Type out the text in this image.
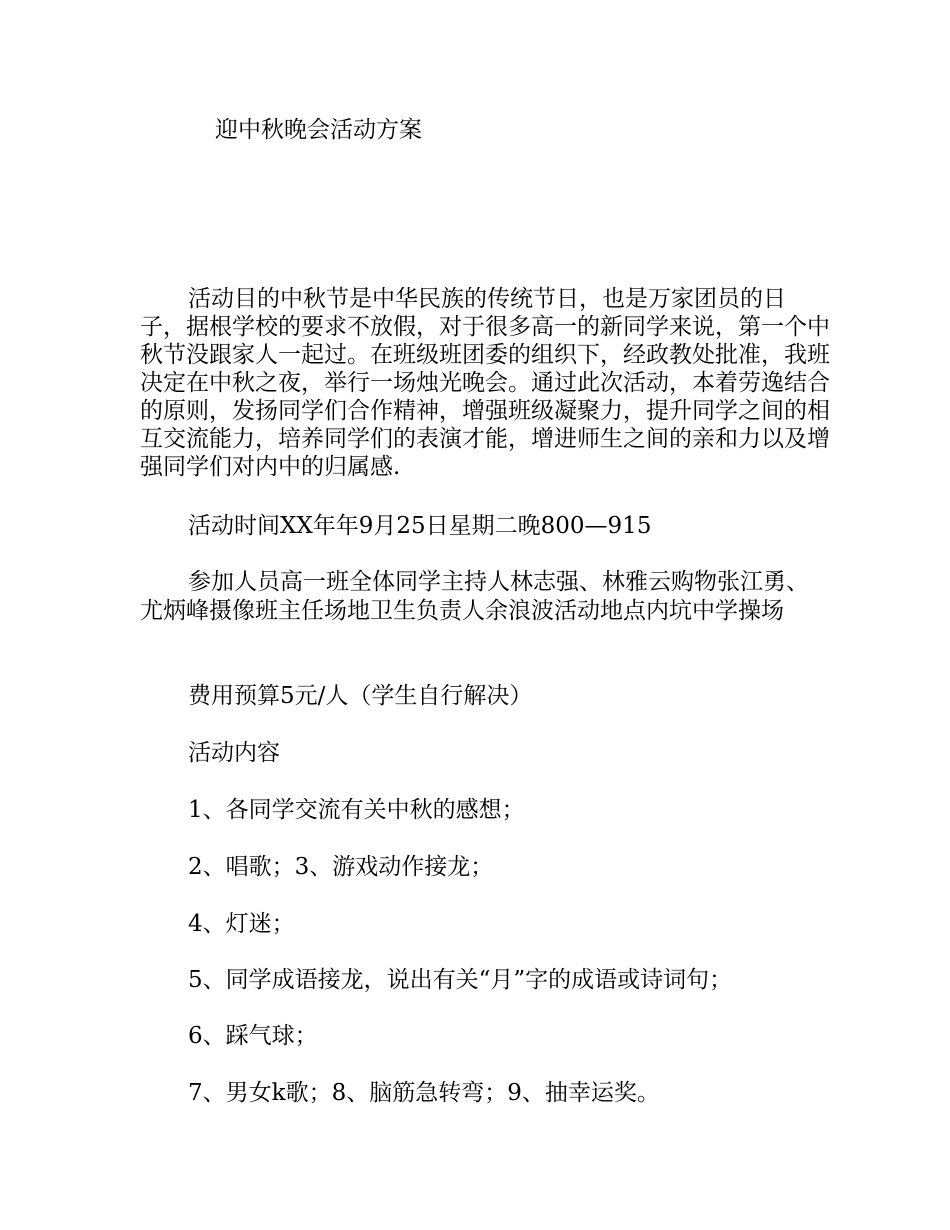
迎中秋晚会活动方案

活动目的中秋节是中华民族的传统节日，也是万家团员的日子，据根学校的要求不放假，对于很多高一的新同学来说，第一个中秋节没跟家人一起过。在班级班团委的组织下，经政教处批准，我班决定在中秋之夜，举行一场烛光晚会。通过此次活动，本着劳逸结合的原则，发扬同学们合作精神，增强班级凝聚力，提升同学之间的相互交流能力，培养同学们的表演才能，增进师生之间的亲和力以及增强同学们对内中的归属感.

活动时间XX年年9月25日星期二晚800—915

参加人员高一班全体同学主持人林志强、林雅云购物张江勇、尤炳峰摄像班主任场地卫生负责人余浪波活动地点内坑中学操场

费用预算5元/人（学生自行解决）

活动内容

1、各同学交流有关中秋的感想；

2、唱歌；3、游戏动作接龙；

4、灯迷；

5、同学成语接龙，说出有关“月”字的成语或诗词句；

6、踩气球；

7、男女k歌；8、脑筋急转弯；9、抽幸运奖。
